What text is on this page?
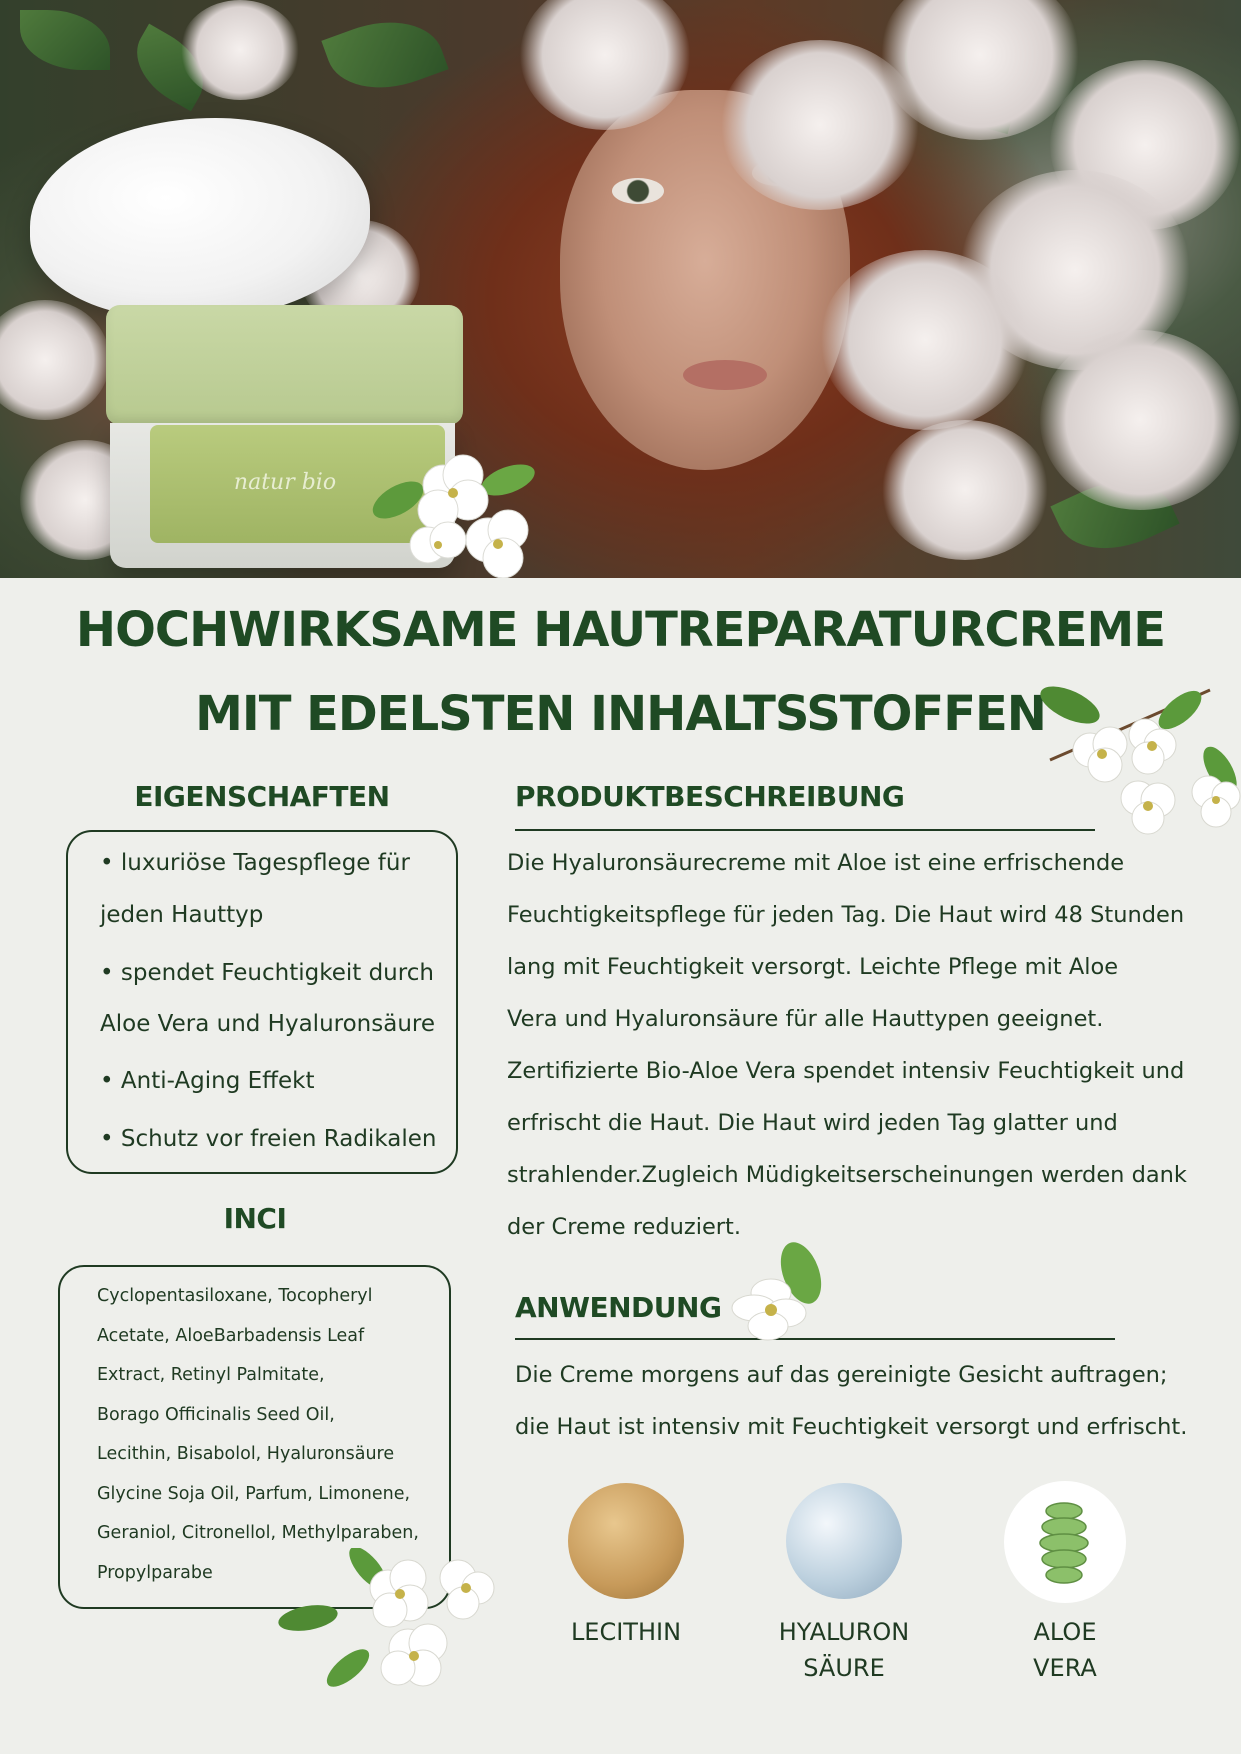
natur bio
HOCHWIRKSAME HAUTREPARATURCREME
MIT EDELSTEN INHALTSSTOFFEN
EIGENSCHAFTEN

• luxuriöse Tagespflege für

jeden Hauttyp

• spendet Feuchtigkeit durch

Aloe Vera und Hyaluronsäure

• Anti-Aging Effekt

• Schutz vor freien Radikalen

INCI

Cyclopentasiloxane, Tocopheryl

Acetate, AloeBarbadensis Leaf

Extract, Retinyl Palmitate,

Borago Officinalis Seed Oil,

Lecithin, Bisabolol, Hyaluronsäure

Glycine Soja Oil, Parfum, Limonene,

Geraniol, Citronellol, Methylparaben,

Propylparabe

PRODUKTBESCHREIBUNG

Die Hyaluronsäurecreme mit Aloe ist eine erfrischende

Feuchtigkeitspflege für jeden Tag. Die Haut wird 48 Stunden

lang mit Feuchtigkeit versorgt. Leichte Pflege mit Aloe

Vera und Hyaluronsäure für alle Hauttypen geeignet.

Zertifizierte Bio-Aloe Vera spendet intensiv Feuchtigkeit und

erfrischt die Haut. Die Haut wird jeden Tag glatter und

strahlender.Zugleich Müdigkeitserscheinungen werden dank

der Creme reduziert.

ANWENDUNG

Die Creme morgens auf das gereinigte Gesicht auftragen;

die Haut ist intensiv mit Feuchtigkeit versorgt und erfrischt.

LECITHIN	HYALURON
SÄURE
ALOE
VERA
